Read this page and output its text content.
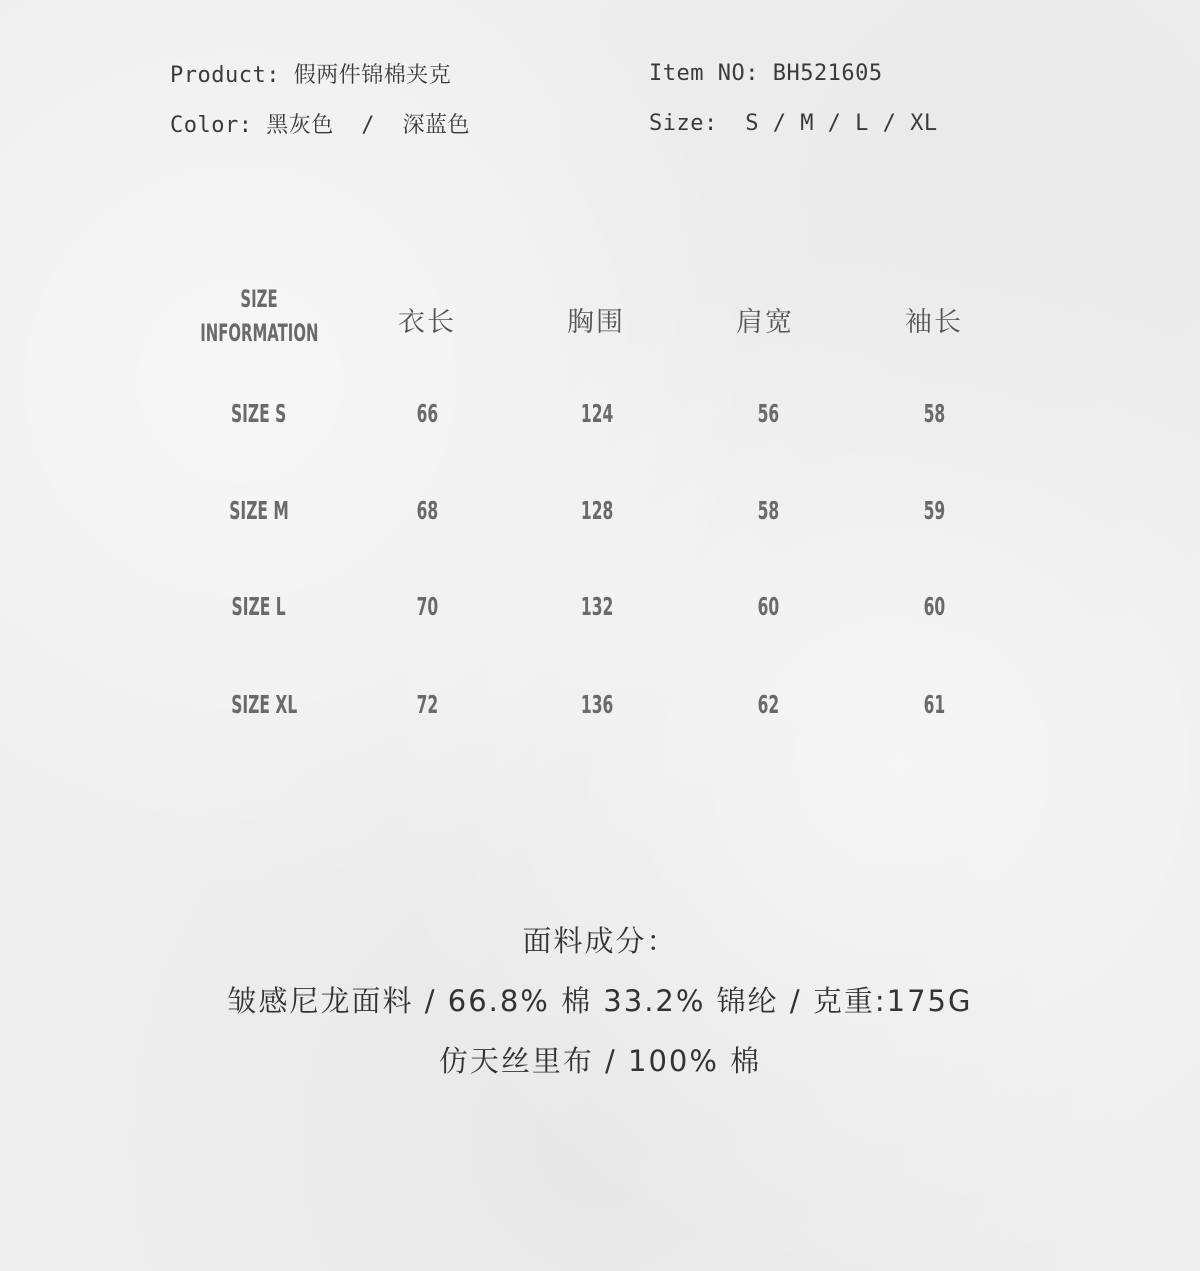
Product: 假两件锦棉夹克
Color: 黑灰色  /  深蓝色
Item NO: BH521605
Size:  S / M / L / XL
SIZE
INFORMATION	衣长	胸围	肩宽	袖长
SIZE S	66	124	56	58
SIZE M	68	128	58	59
SIZE L	70	132	60	60
SIZE XL	72	136	62	61
面料成分：
皱感尼龙面料 / 66.8% 棉 33.2% 锦纶 / 克重:175G
仿天丝里布 / 100% 棉
